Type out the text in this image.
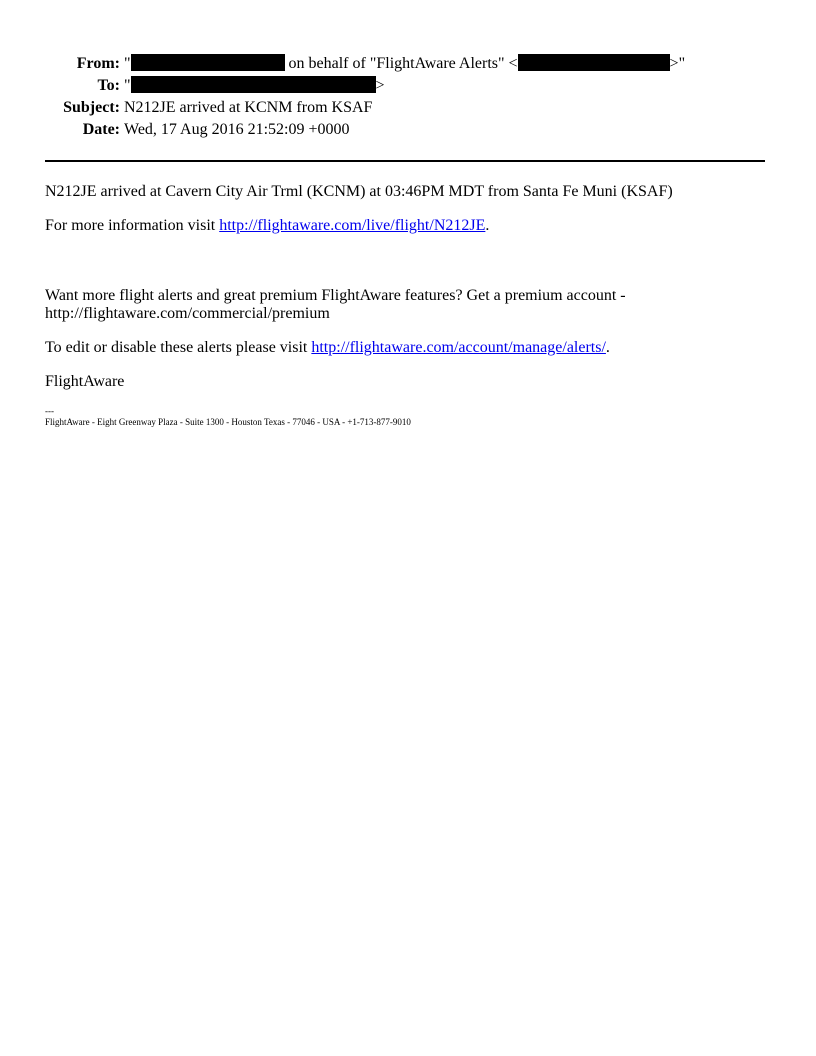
From:	" on behalf of "FlightAware Alerts" < >"
To:	" >
Subject:	N212JE arrived at KCNM from KSAF
Date:	Wed, 17 Aug 2016 21:52:09 +0000

N212JE arrived at Cavern City Air Trml (KCNM) at 03:46PM MDT from Santa Fe Muni (KSAF)

For more information visit http://flightaware.com/live/flight/N212JE.

Want more flight alerts and great premium FlightAware features? Get a premium account -

http://flightaware.com/commercial/premium

To edit or disable these alerts please visit http://flightaware.com/account/manage/alerts/.

FlightAware

---
FlightAware - Eight Greenway Plaza - Suite 1300 - Houston Texas - 77046 - USA - +1-713-877-9010
